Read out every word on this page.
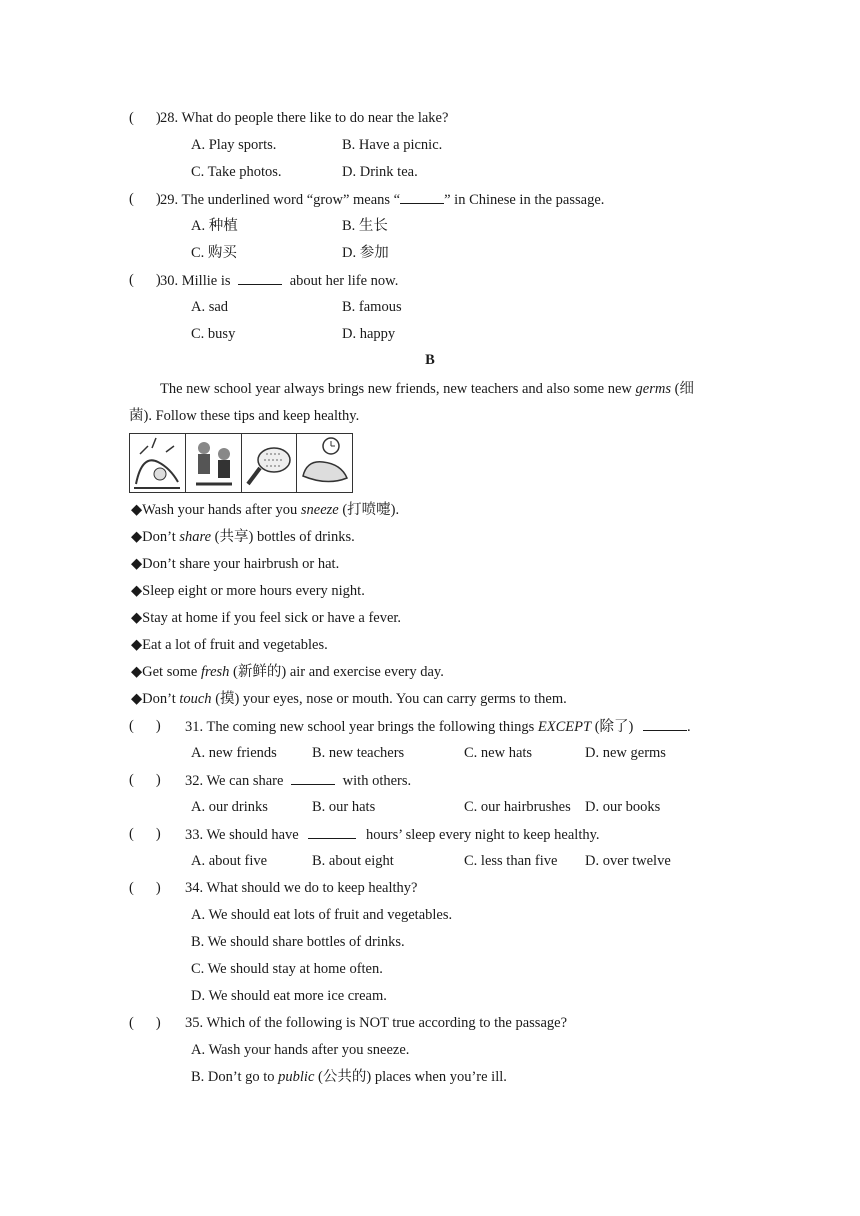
( ) 28. What do people there like to do near the lake?
A. Play sports.	B. Have a picnic.
C. Take photos.	D. Drink tea.
( ) 29. The underlined word “grow” means “	” in Chinese in the passage.
A. 种植	B. 生长
C. 购买	D. 参加
( ) 30. Millie is	about her life now.
A. sad	B. famous
C. busy	D. happy
B
The new school year always brings new friends, new teachers and also some new germs (细
菌). Follow these tips and keep healthy.
◆Wash your hands after you sneeze (打喷嚏).
◆Don’t share (共享) bottles of drinks.
◆Don’t share your hairbrush or hat.
◆Sleep eight or more hours every night.
◆Stay at home if you feel sick or have a fever.
◆Eat a lot of fruit and vegetables.
◆Get some fresh (新鲜的) air and exercise every day.
◆Don’t touch (摸) your eyes, nose or mouth. You can carry germs to them.
( ) 31. The coming new school year brings the following things EXCEPT (除了)	.
A. new friends B. new teachers	C. new hats	D. new germs
( ) 32. We can share	with others.
A. our drinks	B. our hats	C. our hairbrushes D. our books
( ) 33. We should have	hours’ sleep every night to keep healthy.
A. about five	B. about eight	C. less than five D. over twelve
( ) 34. What should we do to keep healthy?
A. We should eat lots of fruit and vegetables.
B. We should share bottles of drinks.
C. We should stay at home often.
D. We should eat more ice cream.
( ) 35. Which of the following is NOT true according to the passage?
A. Wash your hands after you sneeze.
B. Don’t go to public (公共的) places when you’re ill.
